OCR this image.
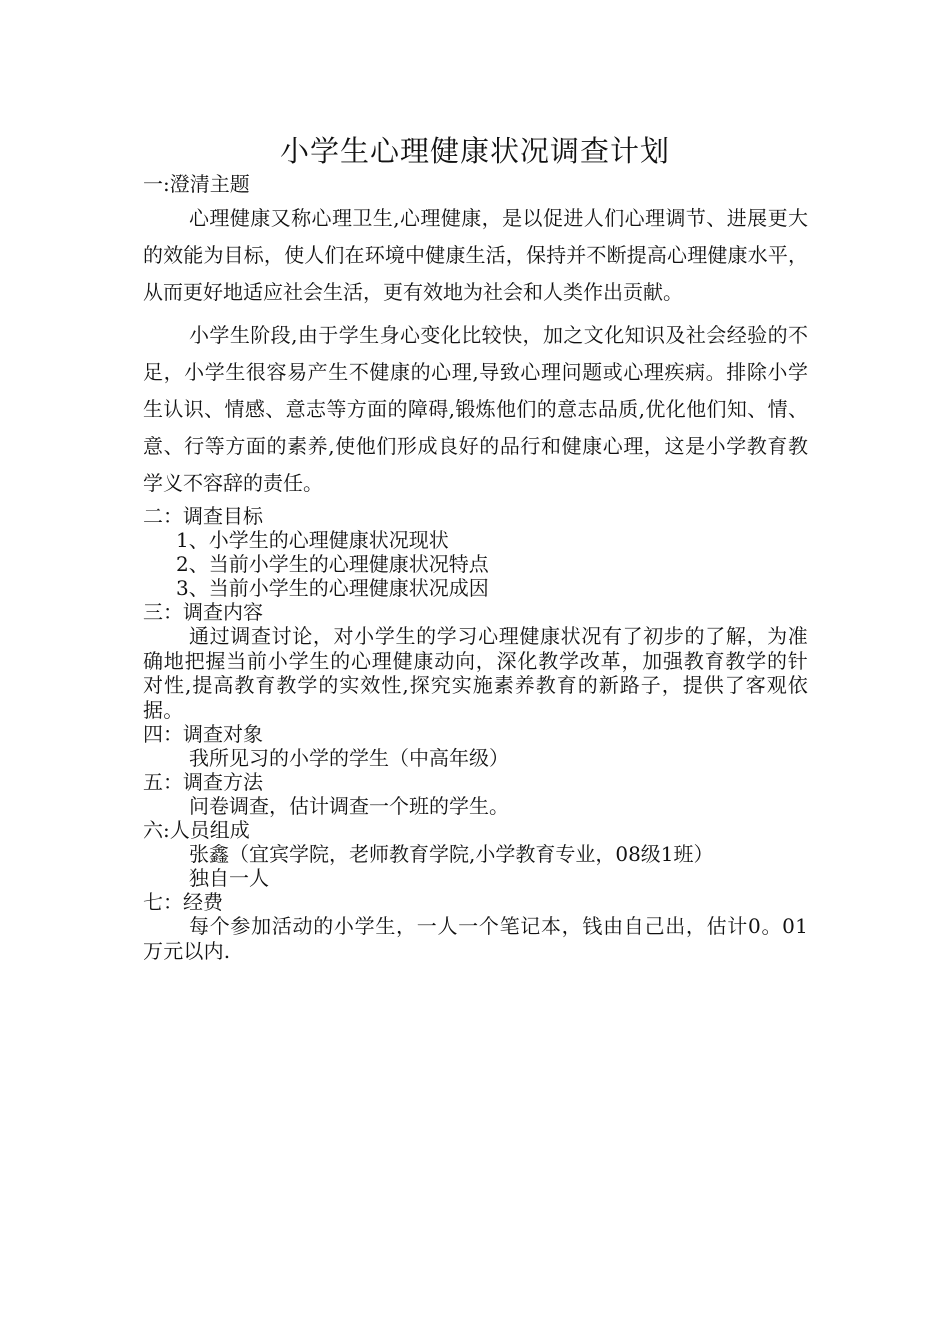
小学生心理健康状况调查计划
一:澄清主题

心理健康又称心理卫生,心理健康，是以促进人们心理调节、进展更大的效能为目标，使人们在环境中健康生活，保持并不断提高心理健康水平，从而更好地适应社会生活，更有效地为社会和人类作出贡献。

小学生阶段,由于学生身心变化比较快，加之文化知识及社会经验的不足，小学生很容易产生不健康的心理,导致心理问题或心理疾病。排除小学生认识、情感、意志等方面的障碍,锻炼他们的意志品质,优化他们知、情、意、行等方面的素养,使他们形成良好的品行和健康心理，这是小学教育教学义不容辞的责任。

二：调查目标
1、小学生的心理健康状况现状
2、当前小学生的心理健康状况特点
3、当前小学生的心理健康状况成因
三：调查内容

通过调查讨论，对小学生的学习心理健康状况有了初步的了解，为准确地把握当前小学生的心理健康动向，深化教学改革，加强教育教学的针对性,提高教育教学的实效性,探究实施素养教育的新路子，提供了客观依据。

四：调查对象
我所见习的小学的学生（中高年级）
五：调查方法
问卷调查，估计调查一个班的学生。
六:人员组成
张鑫（宜宾学院，老师教育学院,小学教育专业，08级1班）
独自一人
七：经费

每个参加活动的小学生，一人一个笔记本，钱由自己出，估计0。01万元以内.
